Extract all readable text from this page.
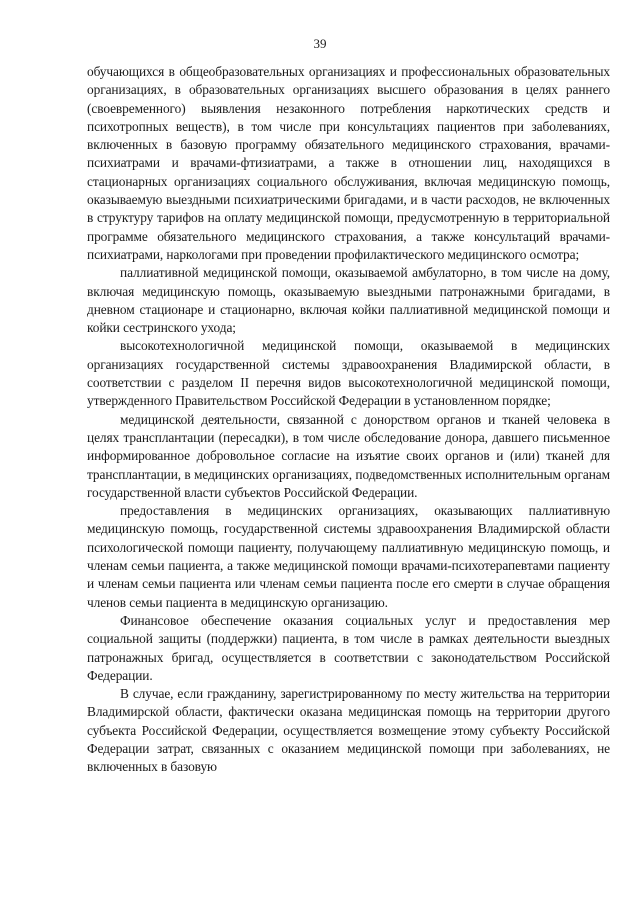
39

обучающихся в общеобразовательных организациях и профессиональных образовательных организациях, в образовательных организациях высшего образования в целях раннего (своевременного) выявления незаконного потребления наркотических средств и психотропных веществ), в том числе при консультациях пациентов при заболеваниях, включенных в базовую программу обязательного медицинского страхования, врачами-психиатрами и врачами-фтизиатрами, а также в отношении лиц, находящихся в стационарных организациях социального обслуживания, включая медицинскую помощь, оказываемую выездными психиатрическими бригадами, и в части расходов, не включенных в структуру тарифов на оплату медицинской помощи, предусмотренную в территориальной программе обязательного медицинского страхования, а также консультаций врачами-психиатрами, наркологами при проведении профилактического медицинского осмотра;

паллиативной медицинской помощи, оказываемой амбулаторно, в том числе на дому, включая медицинскую помощь, оказываемую выездными патронажными бригадами, в дневном стационаре и стационарно, включая койки паллиативной медицинской помощи и койки сестринского ухода;

высокотехнологичной медицинской помощи, оказываемой в медицинских организациях государственной системы здравоохранения Владимирской области, в соответствии с разделом II перечня видов высокотехнологичной медицинской помощи, утвержденного Правительством Российской Федерации в установленном порядке;

медицинской деятельности, связанной с донорством органов и тканей человека в целях трансплантации (пересадки), в том числе обследование донора, давшего письменное информированное добровольное согласие на изъятие своих органов и (или) тканей для трансплантации, в медицинских организациях, подведомственных исполнительным органам государственной власти субъектов Российской Федерации.

предоставления в медицинских организациях, оказывающих паллиативную медицинскую помощь, государственной системы здравоохранения Владимирской области психологической помощи пациенту, получающему паллиативную медицинскую помощь, и членам семьи пациента, а также медицинской помощи врачами-психотерапевтами пациенту и членам семьи пациента или членам семьи пациента после его смерти в случае обращения членов семьи пациента в медицинскую организацию.

Финансовое обеспечение оказания социальных услуг и предоставления мер социальной защиты (поддержки) пациента, в том числе в рамках деятельности выездных патронажных бригад, осуществляется в соответствии с законодательством Российской Федерации.

В случае, если гражданину, зарегистрированному по месту жительства на территории Владимирской области, фактически оказана медицинская помощь на территории другого субъекта Российской Федерации, осуществляется возмещение этому субъекту Российской Федерации затрат, связанных с оказанием медицинской помощи при заболеваниях, не включенных в базовую
